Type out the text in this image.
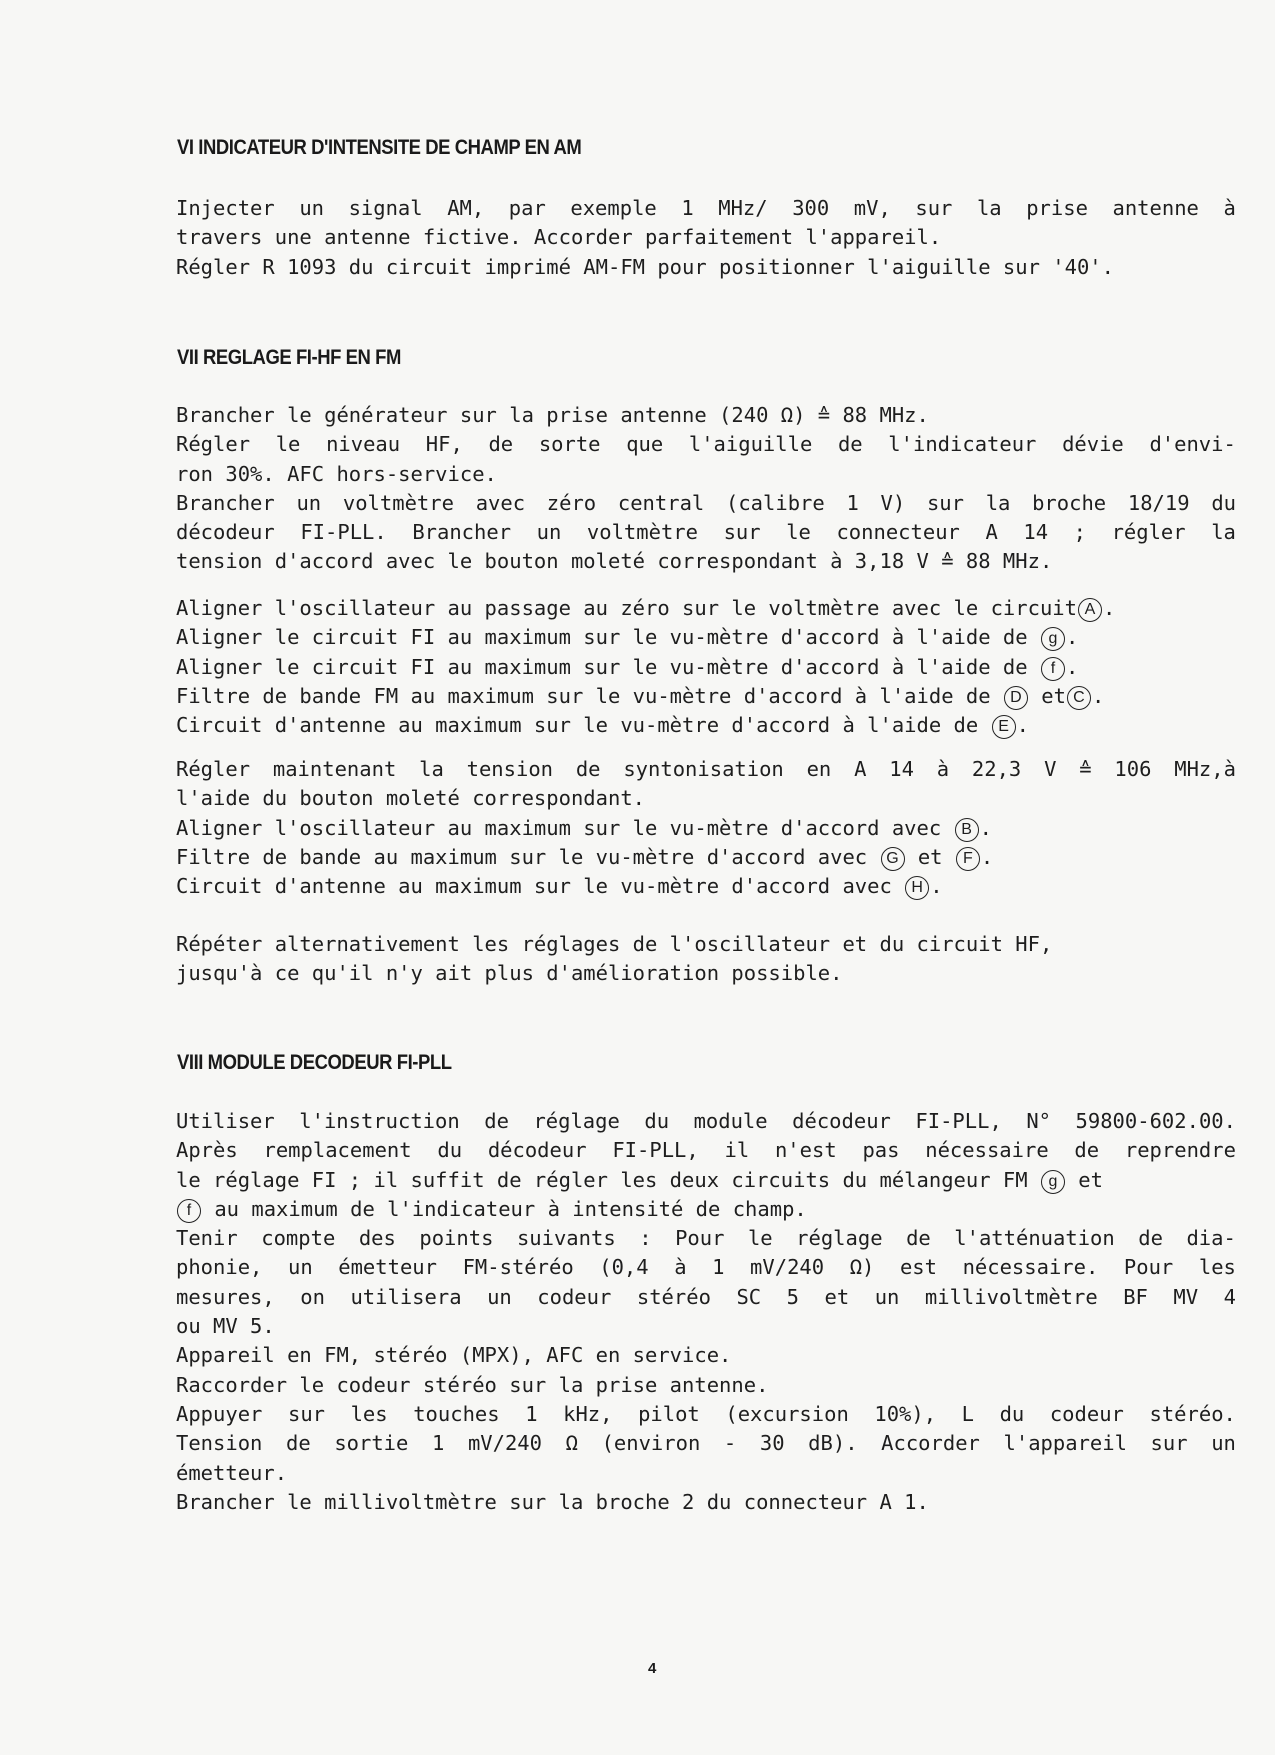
VI INDICATEUR D'INTENSITE DE CHAMP EN AM
Injecter un signal AM, par exemple 1 MHz/ 300 mV, sur la prise antenne à
travers une antenne fictive. Accorder parfaitement l'appareil.
Régler R 1093 du circuit imprimé AM-FM pour positionner l'aiguille sur '40'.
VII REGLAGE FI-HF EN FM
Brancher le générateur sur la prise antenne (240 Ω) ≙ 88 MHz.
Régler le niveau HF, de sorte que l'aiguille de l'indicateur dévie d'envi-
ron 30%. AFC hors-service.
Brancher un voltmètre avec zéro central (calibre 1 V) sur la broche 18/19 du
décodeur FI-PLL. Brancher un voltmètre sur le connecteur A 14 ; régler la
tension d'accord avec le bouton moleté correspondant à 3,18 V ≙ 88 MHz.
Aligner l'oscillateur au passage au zéro sur le voltmètre avec le circuit A .
Aligner le circuit FI au maximum sur le vu-mètre d'accord à l'aide de g .
Aligner le circuit FI au maximum sur le vu-mètre d'accord à l'aide de f .
Filtre de bande FM au maximum sur le vu-mètre d'accord à l'aide de D et C .
Circuit d'antenne au maximum sur le vu-mètre d'accord à l'aide de E .
Régler maintenant la tension de syntonisation en A 14 à 22,3 V ≙ 106 MHz,à
l'aide du bouton moleté correspondant.
Aligner l'oscillateur au maximum sur le vu-mètre d'accord avec B .
Filtre de bande au maximum sur le vu-mètre d'accord avec G et F .
Circuit d'antenne au maximum sur le vu-mètre d'accord avec H .
Répéter alternativement les réglages de l'oscillateur et du circuit HF,
jusqu'à ce qu'il n'y ait plus d'amélioration possible.
VIII MODULE DECODEUR FI-PLL
Utiliser l'instruction de réglage du module décodeur FI-PLL, N° 59800-602.00.
Après remplacement du décodeur FI-PLL, il n'est pas nécessaire de reprendre
le réglage FI ; il suffit de régler les deux circuits du mélangeur FM g et
f au maximum de l'indicateur à intensité de champ.
Tenir compte des points suivants : Pour le réglage de l'atténuation de dia-
phonie, un émetteur FM-stéréo (0,4 à 1 mV/240 Ω) est nécessaire. Pour les
mesures, on utilisera un codeur stéréo SC 5 et un millivoltmètre BF MV 4
ou MV 5.
Appareil en FM, stéréo (MPX), AFC en service.
Raccorder le codeur stéréo sur la prise antenne.
Appuyer sur les touches 1 kHz, pilot (excursion 10%), L du codeur stéréo.
Tension de sortie 1 mV/240 Ω (environ - 30 dB). Accorder l'appareil sur un
émetteur.
Brancher le millivoltmètre sur la broche 2 du connecteur A 1.

4
